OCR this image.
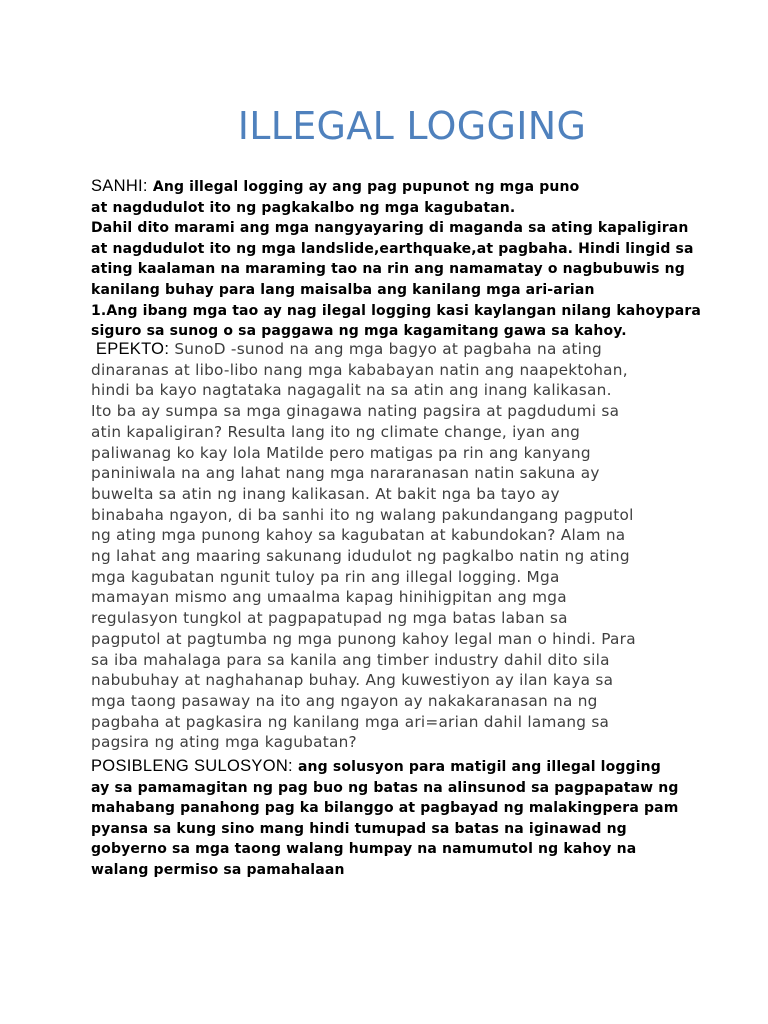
ILLEGAL LOGGING
SANHI: Ang illegal logging ay ang pag pupunot ng mga puno
at nagdudulot ito ng pagkakalbo ng mga kagubatan.
Dahil dito marami ang mga nangyayaring di maganda sa ating kapaligiran
at nagdudulot ito ng mga landslide,earthquake,at pagbaha. Hindi lingid sa
ating kaalaman na maraming tao na rin ang namamatay o nagbubuwis ng
kanilang buhay para lang maisalba ang kanilang mga ari-arian
1.Ang ibang mga tao ay nag ilegal logging kasi kaylangan nilang kahoypara
siguro sa sunog o sa paggawa ng mga kagamitang gawa sa kahoy.
EPEKTO: SunoD -sunod na ang mga bagyo at pagbaha na ating
dinaranas at libo-libo nang mga kababayan natin ang naapektohan,
hindi ba kayo nagtataka nagagalit na sa atin ang inang kalikasan.
Ito ba ay sumpa sa mga ginagawa nating pagsira at pagdudumi sa
atin kapaligiran? Resulta lang ito ng climate change, iyan ang
paliwanag ko kay lola Matilde pero matigas pa rin ang kanyang
paniniwala na ang lahat nang mga nararanasan natin sakuna ay
buwelta sa atin ng inang kalikasan. At bakit nga ba tayo ay
binabaha ngayon, di ba sanhi ito ng walang pakundangang pagputol
ng ating mga punong kahoy sa kagubatan at kabundokan? Alam na
ng lahat ang maaring sakunang idudulot ng pagkalbo natin ng ating
mga kagubatan ngunit tuloy pa rin ang illegal logging. Mga
mamayan mismo ang umaalma kapag hinihigpitan ang mga
regulasyon tungkol at pagpapatupad ng mga batas laban sa
pagputol at pagtumba ng mga punong kahoy legal man o hindi. Para
sa iba mahalaga para sa kanila ang timber industry dahil dito sila
nabubuhay at naghahanap buhay. Ang kuwestiyon ay ilan kaya sa
mga taong pasaway na ito ang ngayon ay nakakaranasan na ng
pagbaha at pagkasira ng kanilang mga ari=arian dahil lamang sa
pagsira ng ating mga kagubatan?
POSIBLENG SULOSYON: ang solusyon para matigil ang illegal logging
ay sa pamamagitan ng pag buo ng batas na alinsunod sa pagpapataw ng
mahabang panahong pag ka bilanggo at pagbayad ng malakingpera pam
pyansa sa kung sino mang hindi tumupad sa batas na iginawad ng
gobyerno sa mga taong walang humpay na namumutol ng kahoy na
walang permiso sa pamahalaan
